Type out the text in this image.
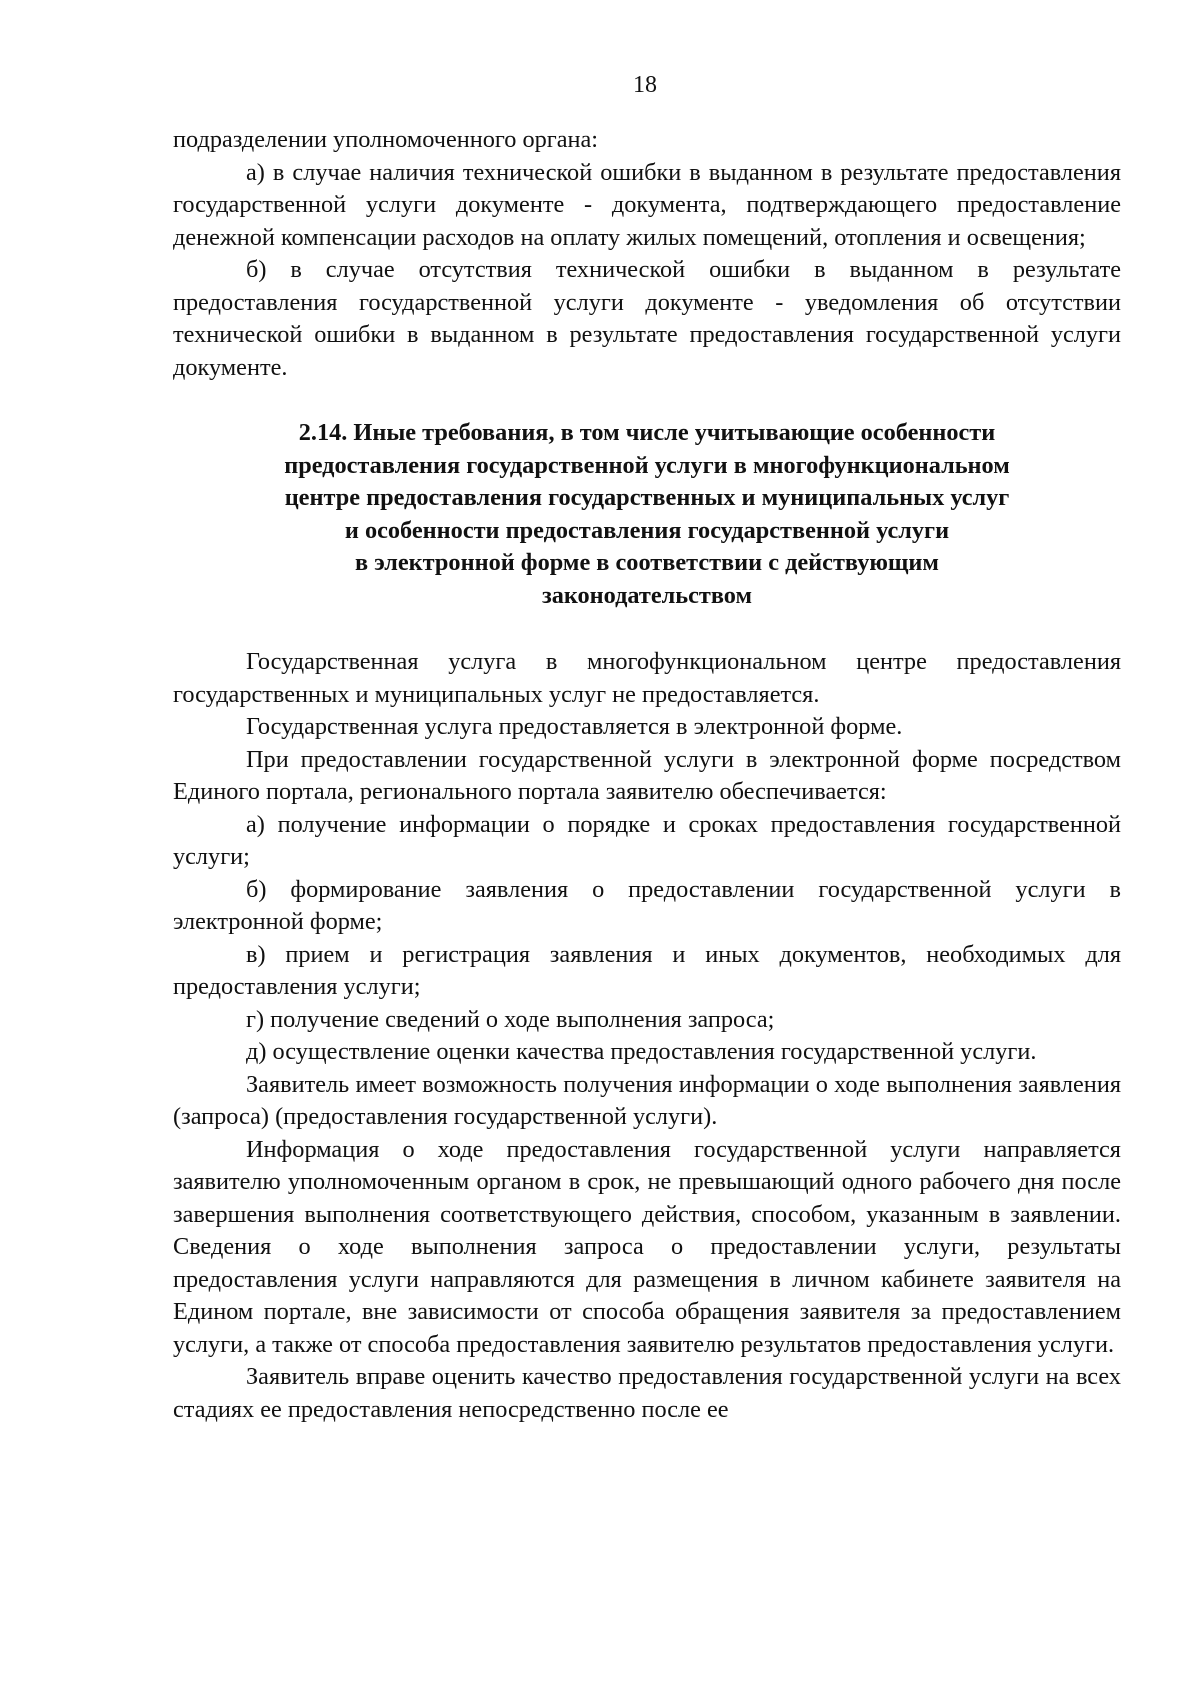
18

подразделении уполномоченного органа:

а) в случае наличия технической ошибки в выданном в результате предоставления государственной услуги документе - документа, подтверждающего предоставление денежной компенсации расходов на оплату жилых помещений, отопления и освещения;

б) в случае отсутствия технической ошибки в выданном в результате предоставления государственной услуги документе - уведомления об отсутствии технической ошибки в выданном в результате предоставления государственной услуги документе.

2.14. Иные требования, в том числе учитывающие особенности
предоставления государственной услуги в многофункциональном
центре предоставления государственных и муниципальных услуг
и особенности предоставления государственной услуги
в электронной форме в соответствии с действующим
законодательством

Государственная услуга в многофункциональном центре предоставления государственных и муниципальных услуг не предоставляется.

Государственная услуга предоставляется в электронной форме.

При предоставлении государственной услуги в электронной форме посредством Единого портала, регионального портала заявителю обеспечивается:

а) получение информации о порядке и сроках предоставления государственной услуги;

б) формирование заявления о предоставлении государственной услуги в электронной форме;

в) прием и регистрация заявления и иных документов, необходимых для предоставления услуги;

г) получение сведений о ходе выполнения запроса;

д) осуществление оценки качества предоставления государственной услуги.

Заявитель имеет возможность получения информации о ходе выполнения заявления (запроса) (предоставления государственной услуги).

Информация о ходе предоставления государственной услуги направляется заявителю уполномоченным органом в срок, не превышающий одного рабочего дня после завершения выполнения соответствующего действия, способом, указанным в заявлении. Сведения о ходе выполнения запроса о предоставлении услуги, результаты предоставления услуги направляются для размещения в личном кабинете заявителя на Едином портале, вне зависимости от способа обращения заявителя за предоставлением услуги, а также от способа предоставления заявителю результатов предоставления услуги.

Заявитель вправе оценить качество предоставления государственной услуги на всех стадиях ее предоставления непосредственно после ее
